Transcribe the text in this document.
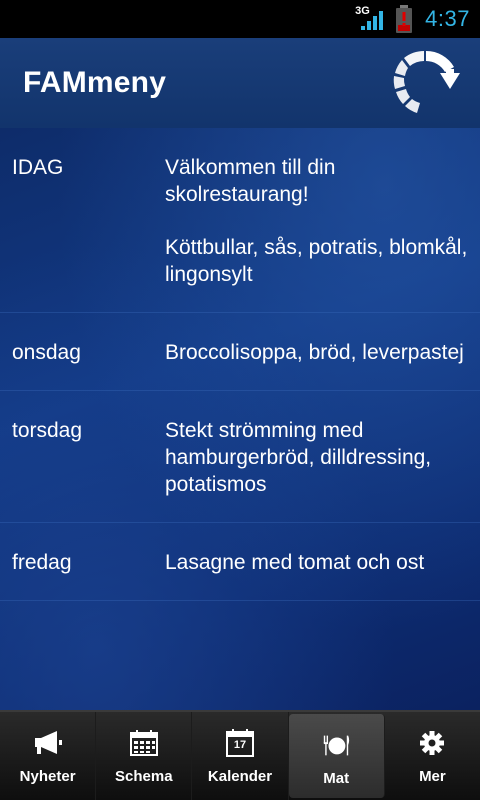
3G	4:37
FAMmeny
IDAG	Välkommen till din skolrestaurang!
Köttbullar, sås, potratis, blomkål, lingonsylt
onsdag	Broccolisoppa, bröd, leverpastej
torsdag	Stekt strömming med hamburgerbröd, dilldressing, potatismos
fredag	Lasagne med tomat och ost
Nyheter	Schema
17
Kalender	Mat	Mer
